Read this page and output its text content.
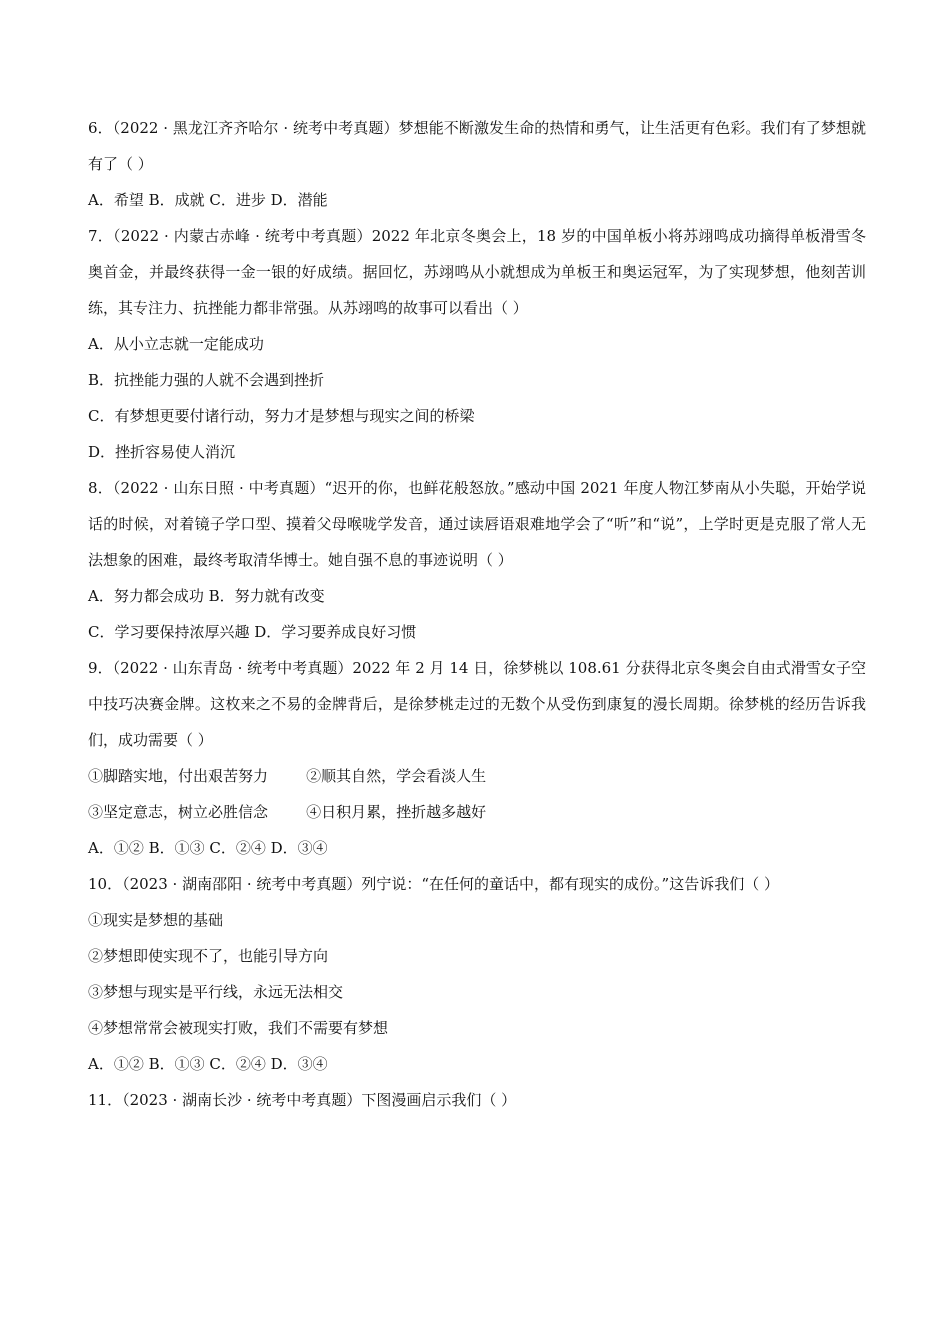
6．（2022 · 黑龙江齐齐哈尔 · 统考中考真题）梦想能不断激发生命的热情和勇气，让生活更有色彩。我们有了梦想就有了（ ）
A．希望 B．成就 C．进步 D．潜能
7．（2022 · 内蒙古赤峰 · 统考中考真题）2022 年北京冬奥会上，18 岁的中国单板小将苏翊鸣成功摘得单板滑雪冬奥首金，并最终获得一金一银的好成绩。据回忆，苏翊鸣从小就想成为单板王和奥运冠军，为了实现梦想，他刻苦训练，其专注力、抗挫能力都非常强。从苏翊鸣的故事可以看出（ ）
A．从小立志就一定能成功
B．抗挫能力强的人就不会遇到挫折
C．有梦想更要付诸行动，努力才是梦想与现实之间的桥梁
D．挫折容易使人消沉
8．（2022 · 山东日照 · 中考真题）“迟开的你，也鲜花般怒放。”感动中国 2021 年度人物江梦南从小失聪，开始学说话的时候，对着镜子学口型、摸着父母喉咙学发音，通过读唇语艰难地学会了“听”和“说”，上学时更是克服了常人无法想象的困难，最终考取清华博士。她自强不息的事迹说明（ ）
A．努力都会成功 B．努力就有改变
C．学习要保持浓厚兴趣 D．学习要养成良好习惯
9．（2022 · 山东青岛 · 统考中考真题）2022 年 2 月 14 日，徐梦桃以 108.61 分获得北京冬奥会自由式滑雪女子空中技巧决赛金牌。这枚来之不易的金牌背后，是徐梦桃走过的无数个从受伤到康复的漫长周期。徐梦桃的经历告诉我们，成功需要（ ）
①脚踏实地，付出艰苦努力        ②顺其自然，学会看淡人生
③坚定意志，树立必胜信念        ④日积月累，挫折越多越好
A．①② B．①③ C．②④ D．③④
10．（2023 · 湖南邵阳 · 统考中考真题）列宁说：“在任何的童话中，都有现实的成份。”这告诉我们（ ）
①现实是梦想的基础
②梦想即使实现不了，也能引导方向
③梦想与现实是平行线，永远无法相交
④梦想常常会被现实打败，我们不需要有梦想
A．①② B．①③ C．②④ D．③④
11．（2023 · 湖南长沙 · 统考中考真题）下图漫画启示我们（ ）
